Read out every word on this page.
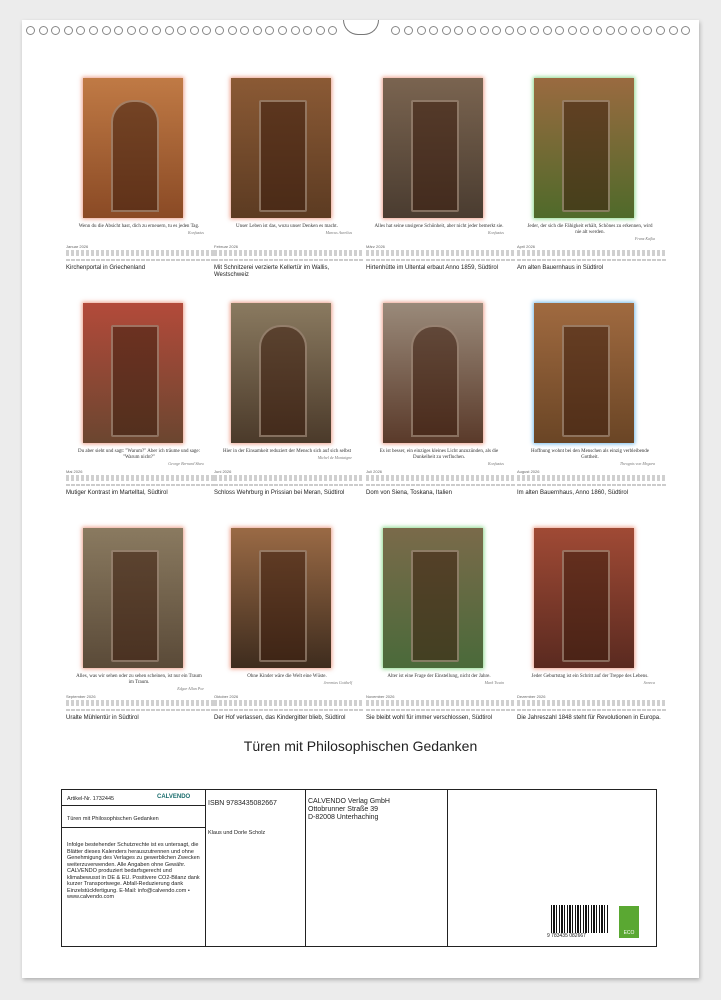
Wenn du die Absicht hast, dich zu erneuern, tu es jeden Tag.
Konfuzius
Januar 2026
Kirchenportal in Griechenland
Unser Leben ist das, wozu unser Denken es macht.
Marcus Aurelius
Februar 2026
Mit Schnitzerei verzierte Kellertür im Wallis, Westschweiz
Alles hat seine unsigene Schönheit, aber nicht jeder bemerkt sie.
Konfuzius
März 2026
Hirtenhütte im Ultental erbaut Anno 1859, Südtirol
Jeder, der sich die Fähigkeit erhält, Schönes zu erkennen, wird nie alt werden.
Franz Kafka
April 2026
Am alten Bauernhaus in Südtirol
Du aber sieht und sagt: "Warum?" Aber ich träume und sage: "Warum nicht?"
George Bernard Shaw
Mai 2026
Mutiger Kontrast im Martelltal, Südtirol
Hier in der Einsamkeit reduziert der Mensch sich auf sich selbst
Michel de Montaigne
Juni 2026
Schloss Wehrburg in Prissian bei Meran, Südtirol
Es ist besser, ein einziges kleines Licht anzuzünden, als die Dunkelheit zu verfluchen.
Konfuzius
Juli 2026
Dom von Siena, Toskana, Italien
Hoffnung wohnt bei den Menschen als einzig verbleibende Gottheit.
Theognis von Megara
August 2026
Im alten Bauernhaus, Anno 1860, Südtirol
Alles, was wir sehen oder zu sehen scheinen, ist nur ein Traum im Traum.
Edgar Allan Poe
September 2026
Uralte Mühlentür in Südtirol
Ohne Kinder wäre die Welt eine Wüste.
Jeremias Gotthelf
Oktober 2026
Der Hof verlassen, das Kindergitter blieb, Südtirol
Alter ist eine Frage der Einstellung, nicht der Jahre.
Mark Twain
November 2026
Sie bleibt wohl für immer verschlossen, Südtirol
Jeder Geburtstag ist ein Schritt auf der Treppe des Lebens.
Seneca
Dezember 2026
Die Jahreszahl 1848 steht für Revolutionen in Europa.
Türen mit Philosophischen Gedanken
Artikel-Nr. 1732445	CALVENDO
Türen mit Philosophischen Gedanken
Infolge bestehender Schutzrechte ist es untersagt, die Blätter dieses Kalenders herauszutrennen und ohne Genehmigung des Verlages zu gewerblichen Zwecken weiterzuverwenden. Alle Angaben ohne Gewähr. CALVENDO produziert bedarfsgerecht und klimabewusst in DE & EU. Positivere CO2-Bilanz dank kurzer Transportwege. Abfall-Reduzierung dank Einzelstückfertigung. E-Mail: info@calvendo.com • www.calvendo.com
ISBN 9783435082667
Klaus und Dorle Scholz
CALVENDO Verlag GmbH
Ottobrunner Straße 39
D-82008 Unterhaching
9 783435 082667	ECO
